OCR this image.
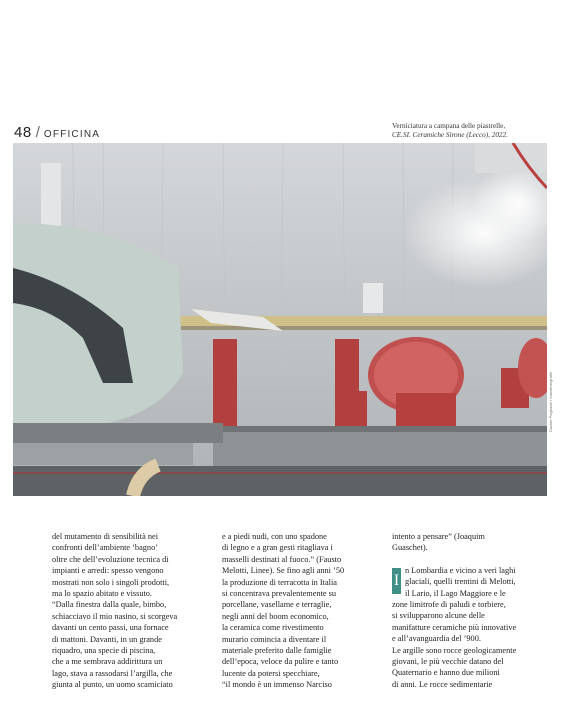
48 / OFFICINA
Verniciatura a campana delle piastrelle,
CE.SI. Ceramiche Sirone (Lecco), 2022.
Davide Pagliarini / Inandfotografie

del mutamento di sensibilità nei

confronti dell’ambiente ‘bagno’

oltre che dell’evoluzione tecnica di

impianti e arredi: spesso vengono

mostrati non solo i singoli prodotti,

ma lo spazio abitato e vissuto.

“Dalla finestra dalla quale, bimbo,

schiacciavo il mio nasino, si scorgeva

davanti un cento passi, una fornace

di mattoni. Davanti, in un grande

riquadro, una specie di piscina,

che a me sembrava addirittura un

lago, stava a rassodarsi l’argilla, che

giunta al punto, un uomo scamiciato

e a piedi nudi, con uno spadone

di legno e a gran gesti ritagliava i

masselli destinati al fuoco.” (Fausto

Melotti, Linee). Se fino agli anni ’50

la produzione di terracotta in Italia

si concentrava prevalentemente su

porcellane, vasellame e terraglie,

negli anni del boom economico,

la ceramica come rivestimento

murario comincia a diventare il

materiale preferito dalle famiglie

dell’epoca, veloce da pulire e tanto

lucente da potersi specchiare,

“il mondo è un immenso Narciso

intento a pensare” (Joaquim

Guaschet).

I

n Lombardia e vicino a veri laghi

glaciali, quelli trentini di Melotti,

il Lario, il Lago Maggiore e le

zone limitrofe di paludi e torbiere,

si svilupparono alcune delle

manifatture ceramiche più innovative

e all’avanguardia del ’900.

Le argille sono rocce geologicamente

giovani, le più vecchie datano del

Quaternario e hanno due milioni

di anni. Le rocce sedimentarie
